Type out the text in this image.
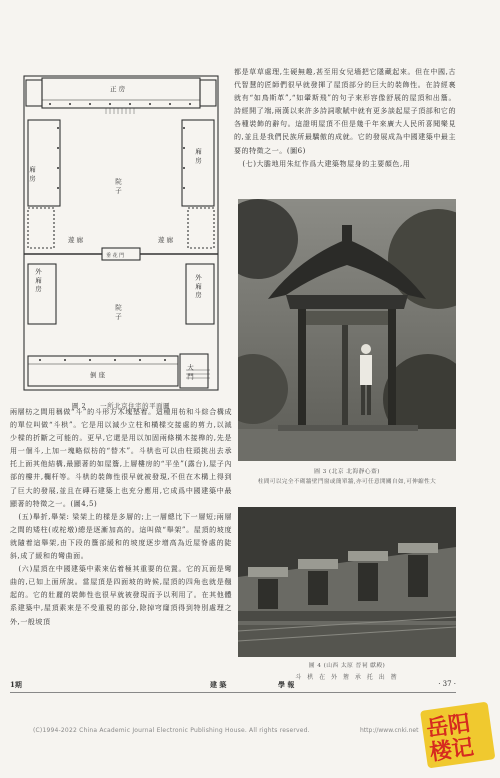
正 房
廂 房
廂 房
院 子
遊 廊	遊 廊
垂 花 門
外 廂 房	外 廂 房
院 子
倒 座	大 門
圖 2 一所北京住宅的平面圖

都是草草處理,生硬無趣,甚至用女兒墻把它隱藏起來。但在中國,古代智慧的匠師們很早就發揮了屋頂部分的巨大的裝飾性。在詩經裏就有“如鳥斯革”,“如翬斯飛”的句子來形容像舒展的屋頂和出簷。詩經開了端,兩漢以來許多詩詞歌賦中就有更多談起屋子頂部和它的各種裝飾的辭句。這證明屋頂不但是幾千年來廣大人民所喜聞樂見的,並且是我們民族所最驕傲的成就。它的發展成為中國建築中最主要的特徵之一。(圖6)

(七)大膽地用朱紅作爲大建築物屋身的主要顏色,用

兩層枋之間用稱做“斗”的斗形方木塊墊着。這種用枋和斗綜合構成的單位叫做“斗栱”。它是用以減少立柱和橫樑交接處的剪力,以減少樑的折斷之可能的。更早,它還是用以加固兩條橫木接榫的,先是用一個斗,上加一塊略似枋的“替木”。斗栱也可以由柱頭挑出去承托上面其他結構,最顯著的如屋簷,上層樓房的“平坐”(露台),屋子內部的樓井,欄杆等。斗栱的裝飾性很早就被發現,不但在木構上得到了巨大的發展,並且在磚石建築上也充分應用,它成爲中國建築中最顯著的特徵之一。(圖4,5)

(五)舉折,舉架: 梁架上的樑是多層的;上一層總比下一層短;兩層之間的矮柱(或柁墩)總是逐漸加高的。這叫做“舉架”。屋頂的坡度就隨着這舉架,由下段的簷部緩和的坡度逐步增高為近屋脊處的陡斜,成了緩和的彎曲面。

(六)屋頂在中國建築中素來佔着極其重要的位置。它的瓦面是彎曲的,已如上面所說。當屋頂是四面坡的時候,屋頂的四角也就是翹起的。它的壯麗的裝飾性也很早就被發現而予以利用了。在其他體系建築中,屋頂素來是不受重視的部分,除掉穹窿頂得到特別處理之外,一般坡頂

圖 3 (北京 北海靜心齋)
柱間可以完全不砌牆壁門窗或簡單牆,亦可任意開關自如,可伸縮性大
圖 4 (山西 太原 晉祠 獻殿)
斗 栱 在 外 簷 承 托 出 簷
1期	建 築	學 報	· 37 ·
(C)1994-2022 China Academic Journal Electronic Publishing House. All rights reserved.	http://www.cnki.net 岳阳
楼记
